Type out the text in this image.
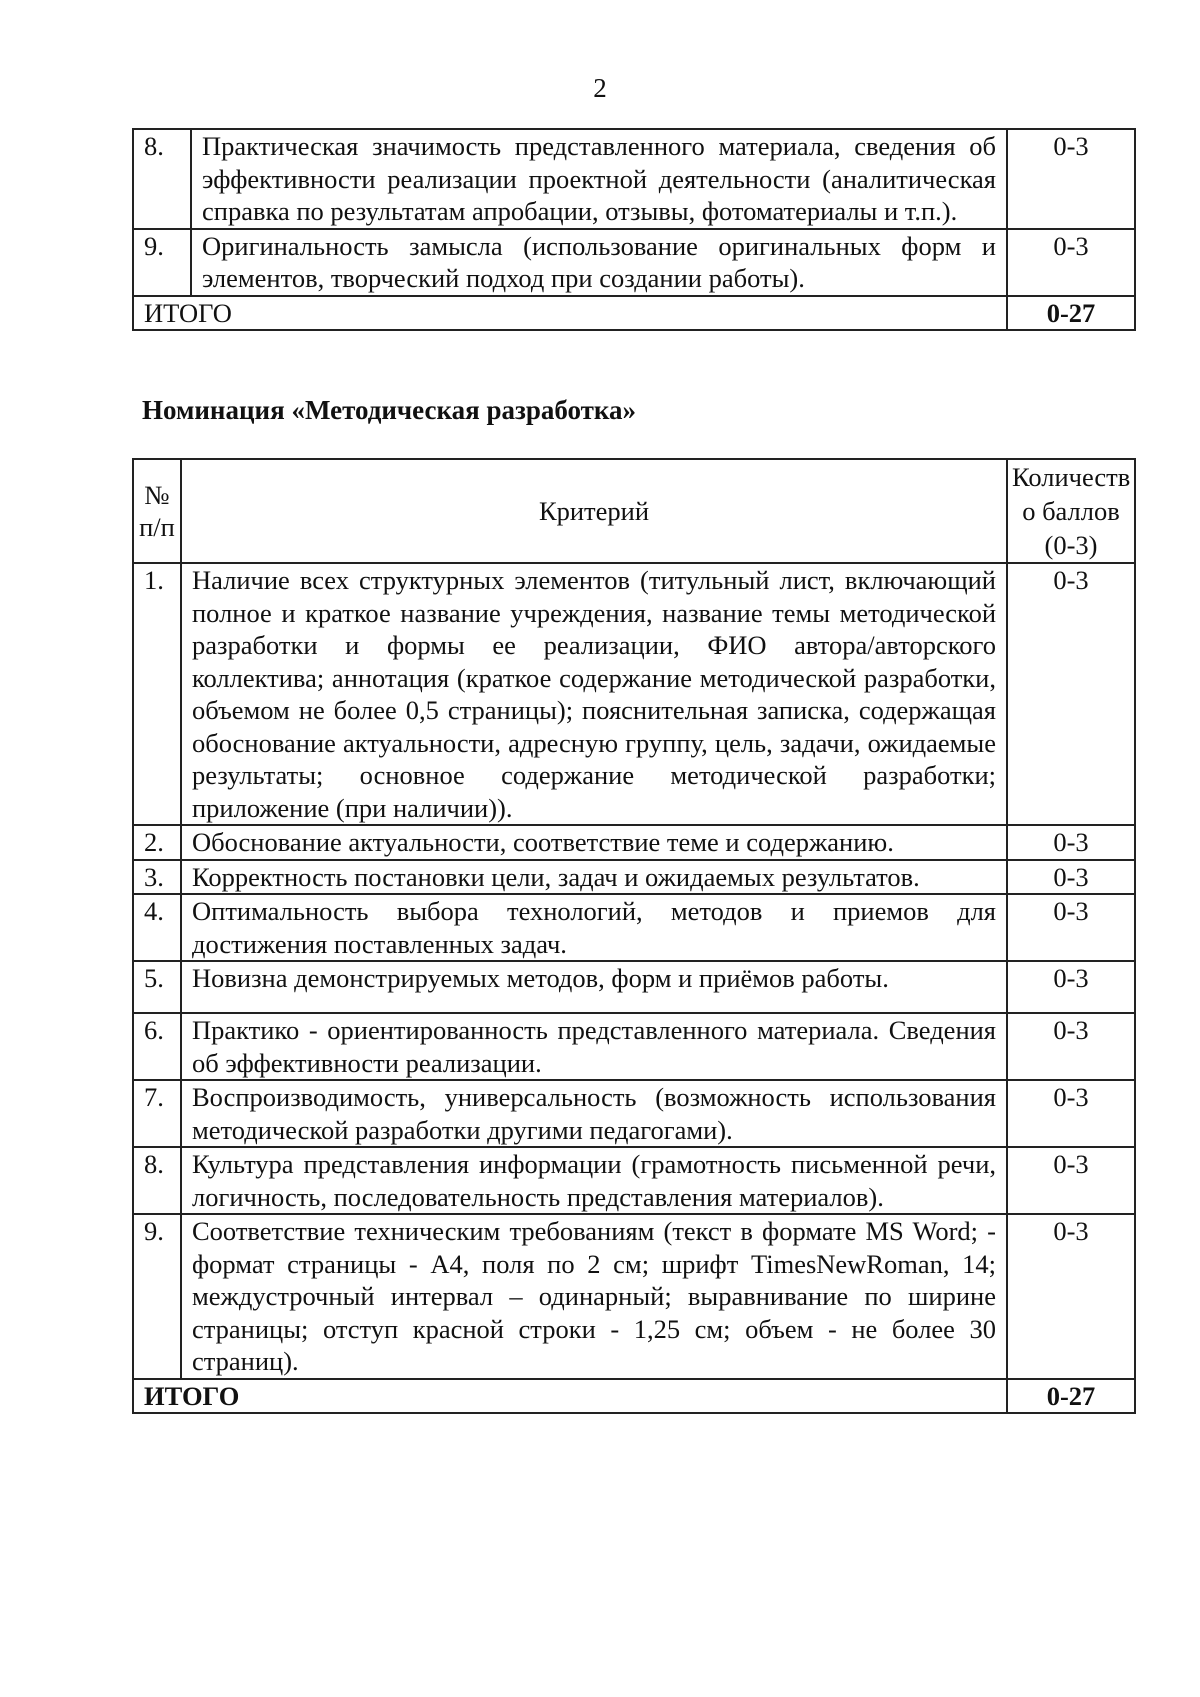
2
8.	Практическая значимость представленного материала, сведения об эффективности реализации проектной деятельности (аналитическая справка по результатам апробации, отзывы, фотоматериалы и т.п.).	0-3
9.	Оригинальность замысла (использование оригинальных форм и элементов, творческий подход при создании работы).	0-3
ИТОГО		0-27
Номинация «Методическая разработка»
№ п/п	Критерий	Количеств о баллов (0-3)
1.	Наличие всех структурных элементов (титульный лист, включающий полное и краткое название учреждения, название темы методической разработки и формы ее реализации, ФИО автора/авторского коллектива; аннотация (краткое содержание методической разработки, объемом не более 0,5 страницы); пояснительная записка, содержащая обоснование актуальности, адресную группу, цель, задачи, ожидаемые результаты; основное содержание методической разработки; приложение (при наличии)).	0-3
2.	Обоснование актуальности, соответствие теме и содержанию.	0-3
3.	Корректность постановки цели, задач и ожидаемых результатов.	0-3
4.	Оптимальность выбора технологий, методов и приемов для достижения поставленных задач.	0-3
5.	Новизна демонстрируемых методов, форм и приёмов работы.	0-3
6.	Практико - ориентированность представленного материала. Сведения об эффективности реализации.	0-3
7.	Воспроизводимость, универсальность (возможность использования методической разработки другими педагогами).	0-3
8.	Культура представления информации (грамотность письменной речи, логичность, последовательность представления материалов).	0-3
9.	Соответствие техническим требованиям (текст в формате MS Word; - формат страницы - А4, поля по 2 см; шрифт TimesNewRoman, 14; междустрочный интервал – одинарный; выравнивание по ширине страницы; отступ красной строки - 1,25 см; объем - не более 30 страниц).	0-3
ИТОГО		0-27
